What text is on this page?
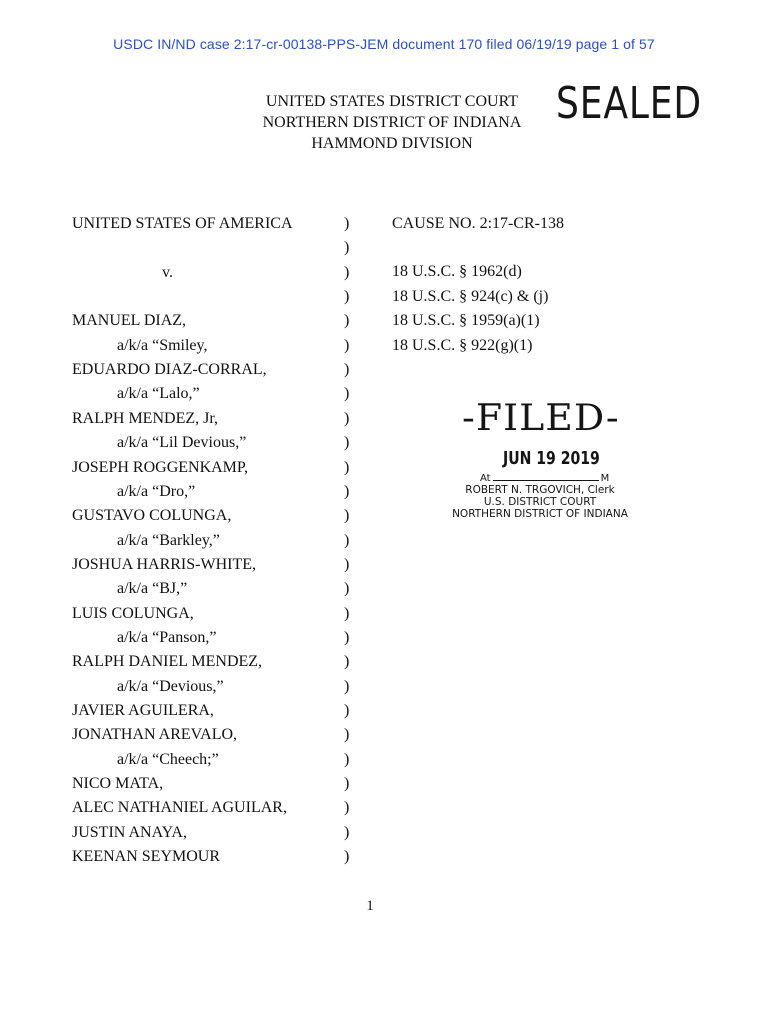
USDC IN/ND case 2:17-cr-00138-PPS-JEM document 170 filed 06/19/19 page 1 of 57
UNITED STATES DISTRICT COURT
NORTHERN DISTRICT OF INDIANA
HAMMOND DIVISION
SEALED
UNITED STATES OF AMERICA	)
)
v.	)
)
MANUEL DIAZ,	)
a/k/a “Smiley,	)
EDUARDO DIAZ-CORRAL,	)
a/k/a “Lalo,”	)
RALPH MENDEZ, Jr,	)
a/k/a “Lil Devious,”	)
JOSEPH ROGGENKAMP,	)
a/k/a “Dro,”	)
GUSTAVO COLUNGA,	)
a/k/a “Barkley,”	)
JOSHUA HARRIS-WHITE,	)
a/k/a “BJ,”	)
LUIS COLUNGA,	)
a/k/a “Panson,”	)
RALPH DANIEL MENDEZ,	)
a/k/a “Devious,”	)
JAVIER AGUILERA,	)
JONATHAN AREVALO,	)
a/k/a “Cheech;”	)
NICO MATA,	)
ALEC NATHANIEL AGUILAR,	)
JUSTIN ANAYA,	)
KEENAN SEYMOUR	)
CAUSE NO. 2:17-CR-138
18 U.S.C. § 1962(d)
18 U.S.C. § 924(c) & (j)
18 U.S.C. § 1959(a)(1)
18 U.S.C. § 922(g)(1)
-FILED-
JUN 19 2019
At	M
ROBERT N. TRGOVICH, Clerk
U.S. DISTRICT COURT
NORTHERN DISTRICT OF INDIANA
1
